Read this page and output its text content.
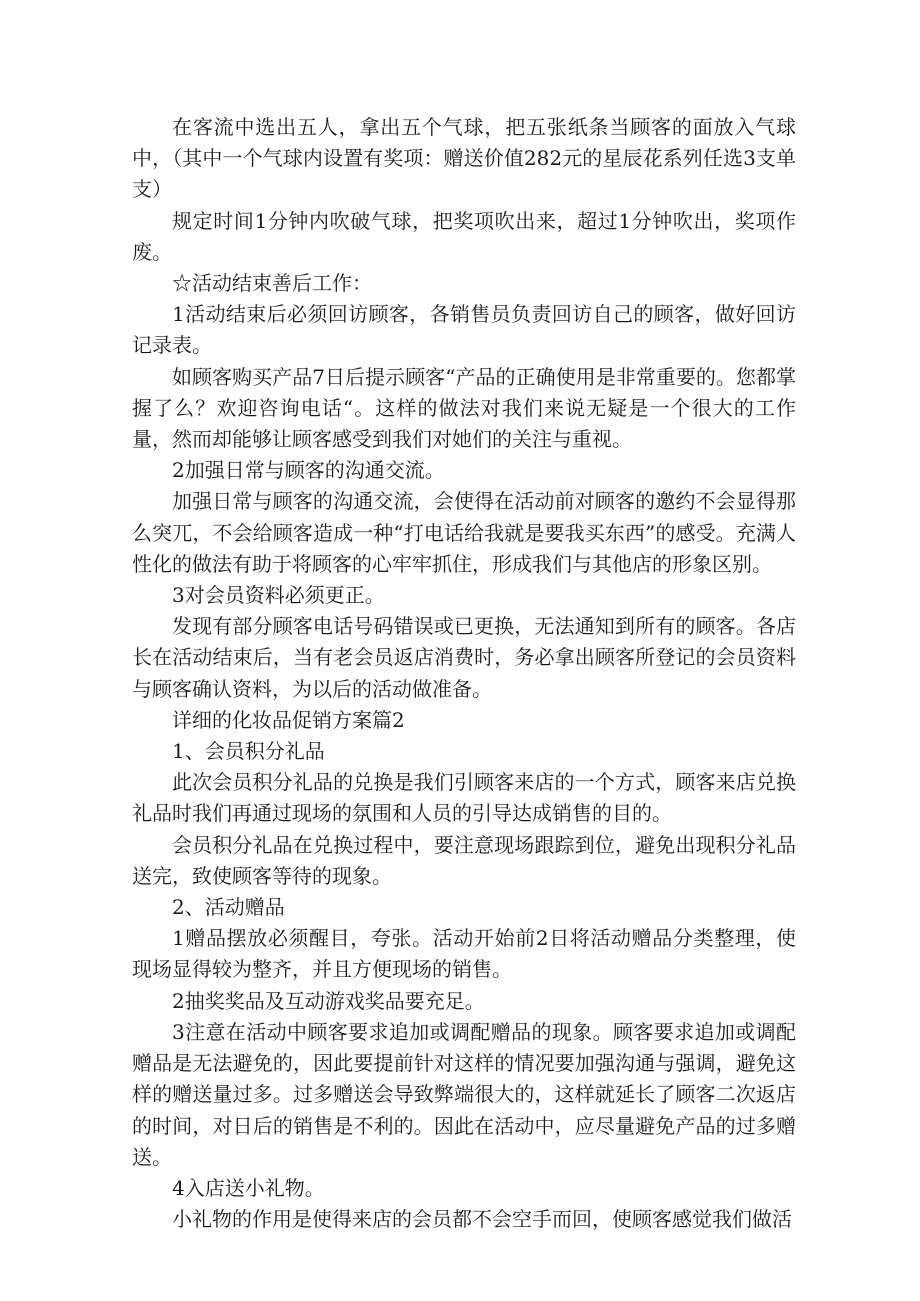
在客流中选出五人，拿出五个气球，把五张纸条当顾客的面放入气球中，（其中一个气球内设置有奖项：赠送价值282元的星辰花系列任选3支单支）

规定时间1分钟内吹破气球，把奖项吹出来，超过1分钟吹出，奖项作废。

☆活动结束善后工作：

1活动结束后必须回访顾客，各销售员负责回访自己的顾客，做好回访记录表。

如顾客购买产品7日后提示顾客“产品的正确使用是非常重要的。您都掌握了么？欢迎咨询电话“。这样的做法对我们来说无疑是一个很大的工作量，然而却能够让顾客感受到我们对她们的关注与重视。

2加强日常与顾客的沟通交流。

加强日常与顾客的沟通交流，会使得在活动前对顾客的邀约不会显得那么突兀，不会给顾客造成一种“打电话给我就是要我买东西”的感受。充满人性化的做法有助于将顾客的心牢牢抓住，形成我们与其他店的形象区别。

3对会员资料必须更正。

发现有部分顾客电话号码错误或已更换，无法通知到所有的顾客。各店长在活动结束后，当有老会员返店消费时，务必拿出顾客所登记的会员资料与顾客确认资料，为以后的活动做准备。

详细的化妆品促销方案篇2

1、会员积分礼品

此次会员积分礼品的兑换是我们引顾客来店的一个方式，顾客来店兑换礼品时我们再通过现场的氛围和人员的引导达成销售的目的。

会员积分礼品在兑换过程中，要注意现场跟踪到位，避免出现积分礼品送完，致使顾客等待的现象。

2、活动赠品

1赠品摆放必须醒目，夸张。活动开始前2日将活动赠品分类整理，使现场显得较为整齐，并且方便现场的销售。

2抽奖奖品及互动游戏奖品要充足。

3注意在活动中顾客要求追加或调配赠品的现象。顾客要求追加或调配赠品是无法避免的，因此要提前针对这样的情况要加强沟通与强调，避免这样的赠送量过多。过多赠送会导致弊端很大的，这样就延长了顾客二次返店的时间，对日后的销售是不利的。因此在活动中，应尽量避免产品的过多赠送。

4入店送小礼物。

小礼物的作用是使得来店的会员都不会空手而回，使顾客感觉我们做活
